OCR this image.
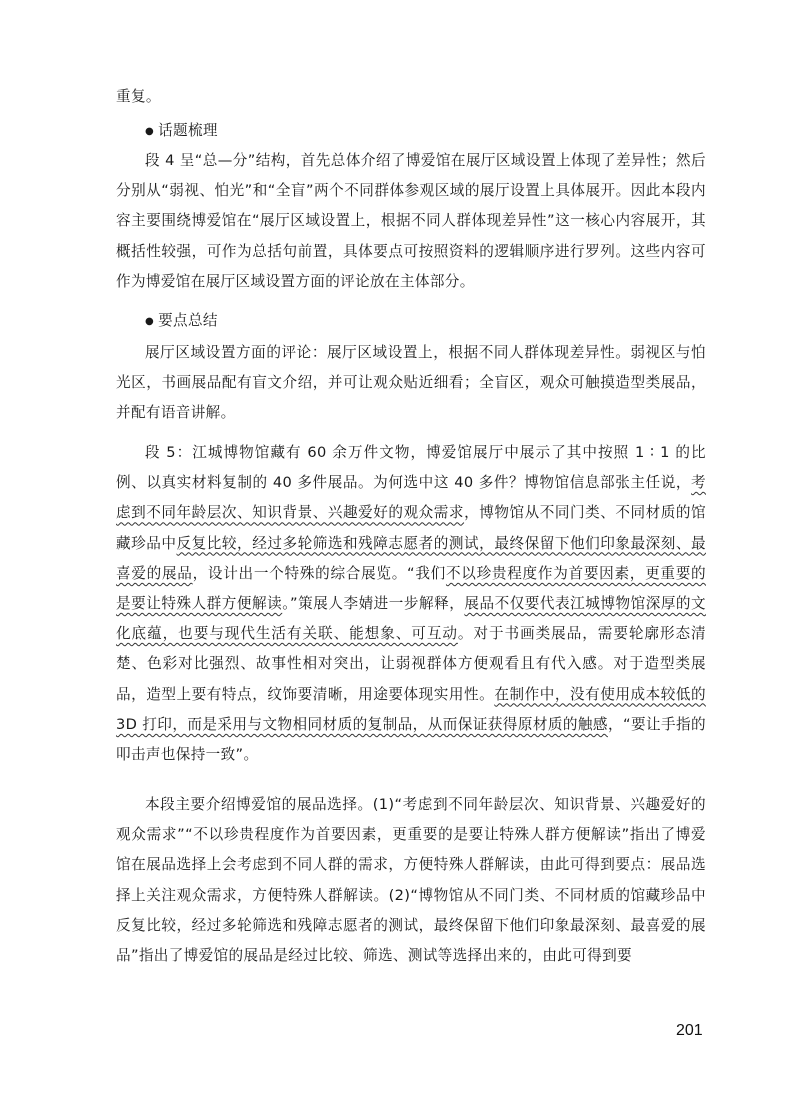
重复。

● 话题梳理

段 4 呈“总—分”结构，首先总体介绍了博爱馆在展厅区域设置上体现了差异性；然后分别从“弱视、怕光”和“全盲”两个不同群体参观区域的展厅设置上具体展开。因此本段内容主要围绕博爱馆在“展厅区域设置上，根据不同人群体现差异性”这一核心内容展开，其概括性较强，可作为总括句前置，具体要点可按照资料的逻辑顺序进行罗列。这些内容可作为博爱馆在展厅区域设置方面的评论放在主体部分。

● 要点总结

展厅区域设置方面的评论：展厅区域设置上，根据不同人群体现差异性。弱视区与怕光区，书画展品配有盲文介绍，并可让观众贴近细看；全盲区，观众可触摸造型类展品，并配有语音讲解。

段 5：江城博物馆藏有 60 余万件文物，博爱馆展厅中展示了其中按照 1 ∶ 1 的比例、以真实材料复制的 40 多件展品。为何选中这 40 多件？博物馆信息部张主任说，考虑到不同年龄层次、知识背景、兴趣爱好的观众需求，博物馆从不同门类、不同材质的馆藏珍品中反复比较，经过多轮筛选和残障志愿者的测试，最终保留下他们印象最深刻、最喜爱的展品，设计出一个特殊的综合展览。“我们不以珍贵程度作为首要因素，更重要的是要让特殊人群方便解读。”策展人李婧进一步解释，展品不仅要代表江城博物馆深厚的文化底蕴，也要与现代生活有关联、能想象、可互动。对于书画类展品，需要轮廓形态清楚、色彩对比强烈、故事性相对突出，让弱视群体方便观看且有代入感。对于造型类展品，造型上要有特点，纹饰要清晰，用途要体现实用性。在制作中，没有使用成本较低的 3D 打印，而是采用与文物相同材质的复制品，从而保证获得原材质的触感，“要让手指的叩击声也保持一致”。

本段主要介绍博爱馆的展品选择。(1)“考虑到不同年龄层次、知识背景、兴趣爱好的观众需求”“不以珍贵程度作为首要因素，更重要的是要让特殊人群方便解读”指出了博爱馆在展品选择上会考虑到不同人群的需求，方便特殊人群解读，由此可得到要点：展品选择上关注观众需求，方便特殊人群解读。(2)“博物馆从不同门类、不同材质的馆藏珍品中反复比较，经过多轮筛选和残障志愿者的测试，最终保留下他们印象最深刻、最喜爱的展品”指出了博爱馆的展品是经过比较、筛选、测试等选择出来的，由此可得到要

201
